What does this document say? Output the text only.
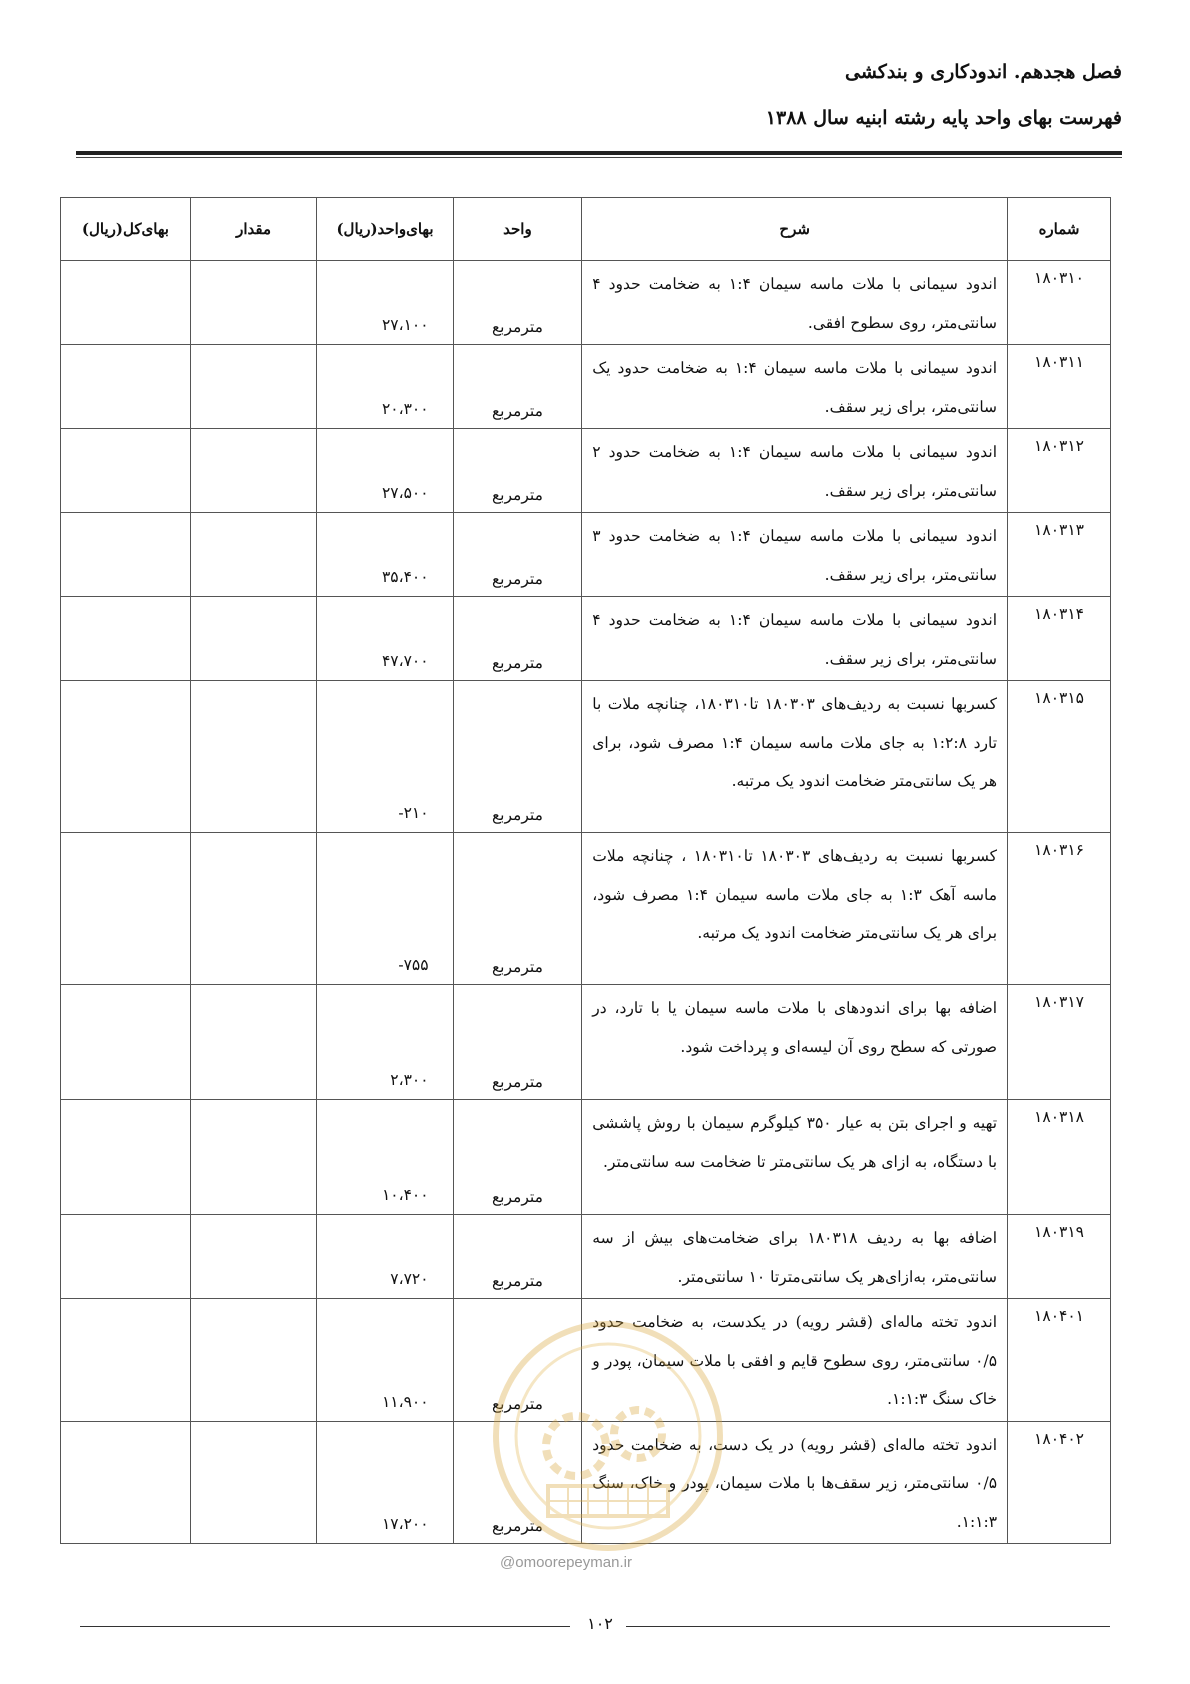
فصل هجدهم. اندودکاری و بندکشی
فهرست بهای واحد پایه رشته ابنیه سال ۱۳۸۸
شماره	شرح	واحد	بهای‌واحد(ریال)	مقدار	بهای‌کل(ریال)
۱۸۰۳۱۰	اندود سیمانی با ملات ماسه سیمان ۱:۴ به ضخامت حدود ۴ سانتی‌متر، روی سطوح افقی.	مترمربع	۲۷،۱۰۰		
۱۸۰۳۱۱	اندود سیمانی با ملات ماسه سیمان ۱:۴ به ضخامت حدود یک سانتی‌متر، برای زیر سقف.	مترمربع	۲۰،۳۰۰		
۱۸۰۳۱۲	اندود سیمانی با ملات ماسه سیمان ۱:۴ به ضخامت حدود ۲ سانتی‌متر، برای زیر سقف.	مترمربع	۲۷،۵۰۰		
۱۸۰۳۱۳	اندود سیمانی با ملات ماسه سیمان ۱:۴ به ضخامت حدود ۳ سانتی‌متر، برای زیر سقف.	مترمربع	۳۵،۴۰۰		
۱۸۰۳۱۴	اندود سیمانی با ملات ماسه سیمان ۱:۴ به ضخامت حدود ۴ سانتی‌متر، برای زیر سقف.	مترمربع	۴۷،۷۰۰		
۱۸۰۳۱۵	کسربها نسبت به ردیف‌های ۱۸۰۳۰۳ تا۱۸۰۳۱۰، چنانچه ملات با تارد ۱:۲:۸ به جای ملات ماسه سیمان ۱:۴ مصرف شود، برای هر یک سانتی‌متر ضخامت اندود یک مرتبه.	مترمربع	۲۱۰-		
۱۸۰۳۱۶	کسربها نسبت به ردیف‌های ۱۸۰۳۰۳ تا۱۸۰۳۱۰ ، چنانچه ملات ماسه آهک ۱:۳ به جای ملات ماسه سیمان ۱:۴ مصرف شود، برای هر یک سانتی‌متر ضخامت اندود یک مرتبه.	مترمربع	۷۵۵-		
۱۸۰۳۱۷	اضافه بها برای اندودهای با ملات ماسه سیمان یا با تارد، در صورتی که سطح روی آن لیسه‌ای و پرداخت شود.	مترمربع	۲،۳۰۰		
۱۸۰۳۱۸	تهیه و اجرای بتن به عیار ۳۵۰ کیلوگرم سیمان با روش پاششی با دستگاه، به ازای هر یک سانتی‌متر تا ضخامت سه سانتی‌متر.	مترمربع	۱۰،۴۰۰		
۱۸۰۳۱۹	اضافه بها به ردیف ۱۸۰۳۱۸ برای ضخامت‌های بیش از سه سانتی‌متر، به‌ازای‌هر یک سانتی‌مترتا ۱۰ سانتی‌متر.	مترمربع	۷،۷۲۰		
۱۸۰۴۰۱	اندود تخته ماله‌ای (قشر رویه) در یکدست، به ضخامت حدود ۰/۵ سانتی‌متر، روی سطوح قایم و افقی با ملات سیمان، پودر و خاک سنگ ۱:۱:۳.	مترمربع	۱۱،۹۰۰		
۱۸۰۴۰۲	اندود تخته ماله‌ای (قشر رویه) در یک دست، به ضخامت حدود ۰/۵ سانتی‌متر، زیر سقف‌ها با ملات سیمان، پودر و خاک، سنگ ۱:۱:۳.	مترمربع	۱۷،۲۰۰		
@omoorepeyman.ir
۱۰۲
